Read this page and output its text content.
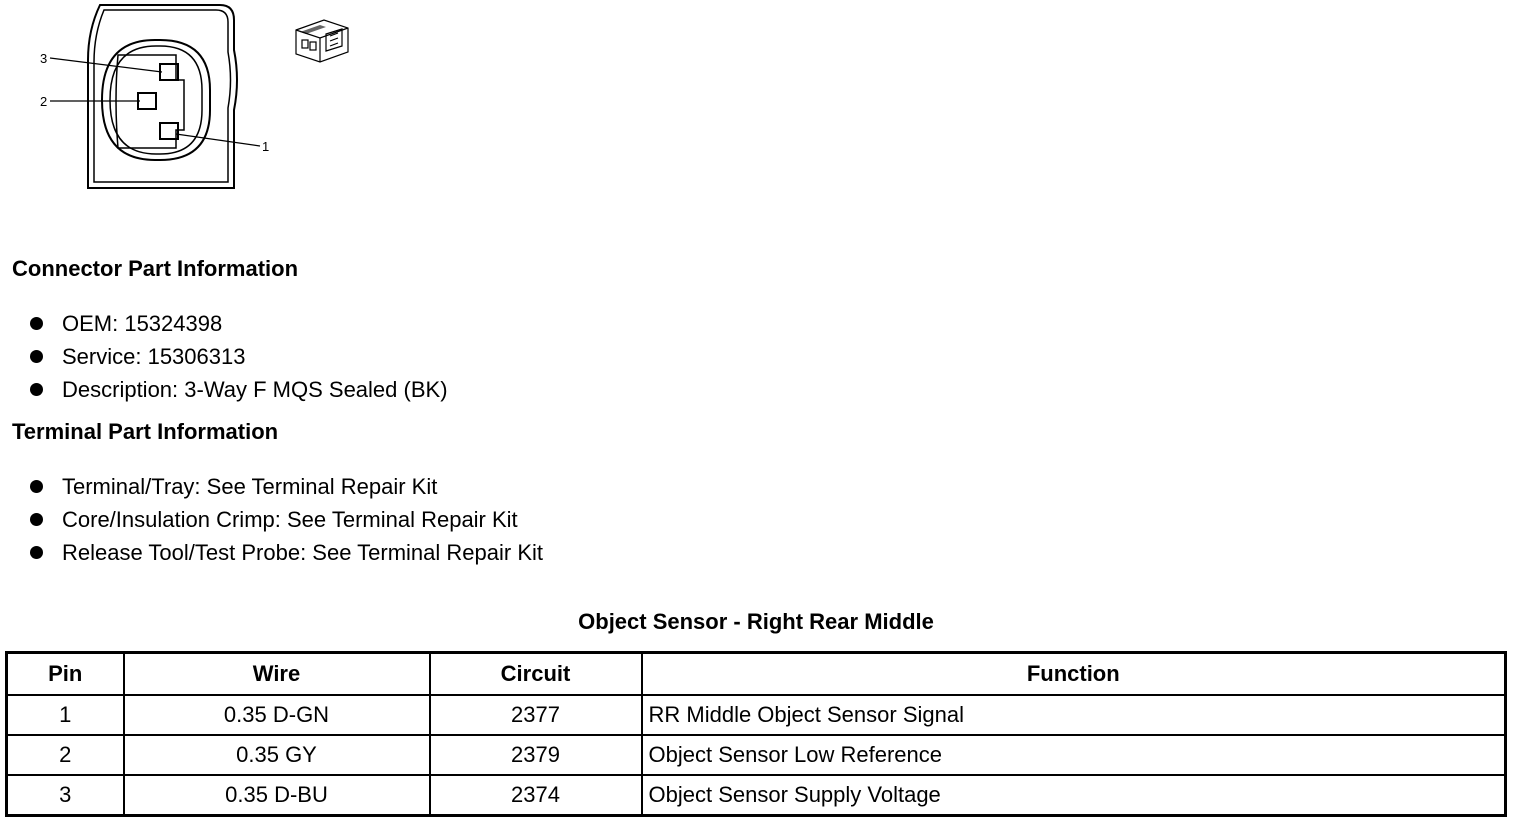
3
2
1
Connector Part Information
OEM: 15324398
Service: 15306313
Description: 3-Way F MQS Sealed (BK)
Terminal Part Information
Terminal/Tray: See Terminal Repair Kit
Core/Insulation Crimp: See Terminal Repair Kit
Release Tool/Test Probe: See Terminal Repair Kit
Object Sensor - Right Rear Middle
Pin	Wire	Circuit	Function
1	0.35 D-GN	2377	RR Middle Object Sensor Signal
2	0.35 GY	2379	Object Sensor Low Reference
3	0.35 D-BU	2374	Object Sensor Supply Voltage
